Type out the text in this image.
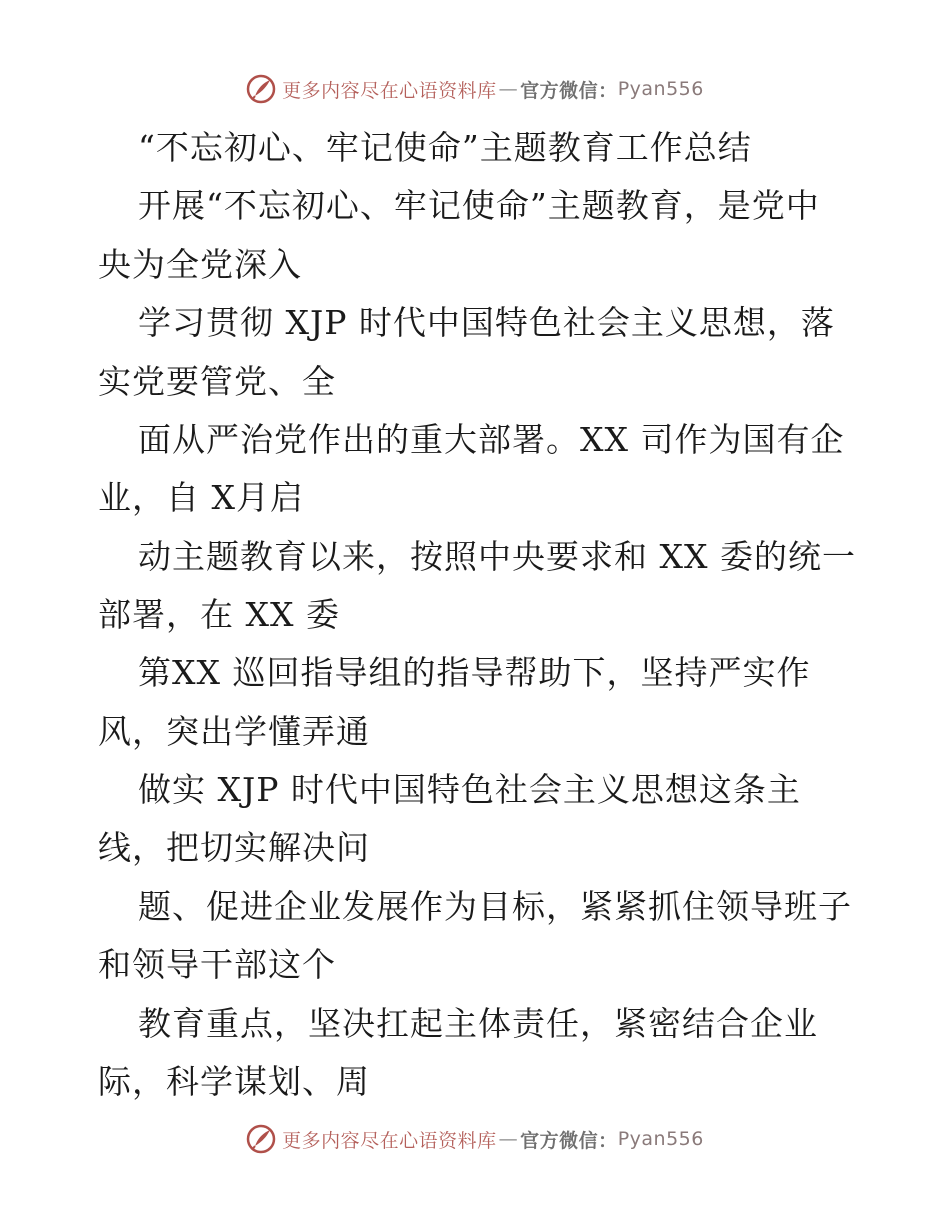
更多内容尽在心语资料库 — 官方微信： Pyan556
“不忘初心、牢记使命”主题教育工作总结
开展“不忘初心、牢记使命”主题教育，是党中
央为全党深入
学习贯彻 XJP 时代中国特色社会主义思想，落
实党要管党、全
面从严治党作出的重大部署。XX 司作为国有企
业，自 X月启
动主题教育以来，按照中央要求和 XX 委的统一
部署，在 XX 委
第XX 巡回指导组的指导帮助下，坚持严实作
风，突出学懂弄通
做实 XJP 时代中国特色社会主义思想这条主
线，把切实解决问
题、促进企业发展作为目标，紧紧抓住领导班子
和领导干部这个
教育重点，坚决扛起主体责任，紧密结合企业
际，科学谋划、周
更多内容尽在心语资料库 — 官方微信： Pyan556
